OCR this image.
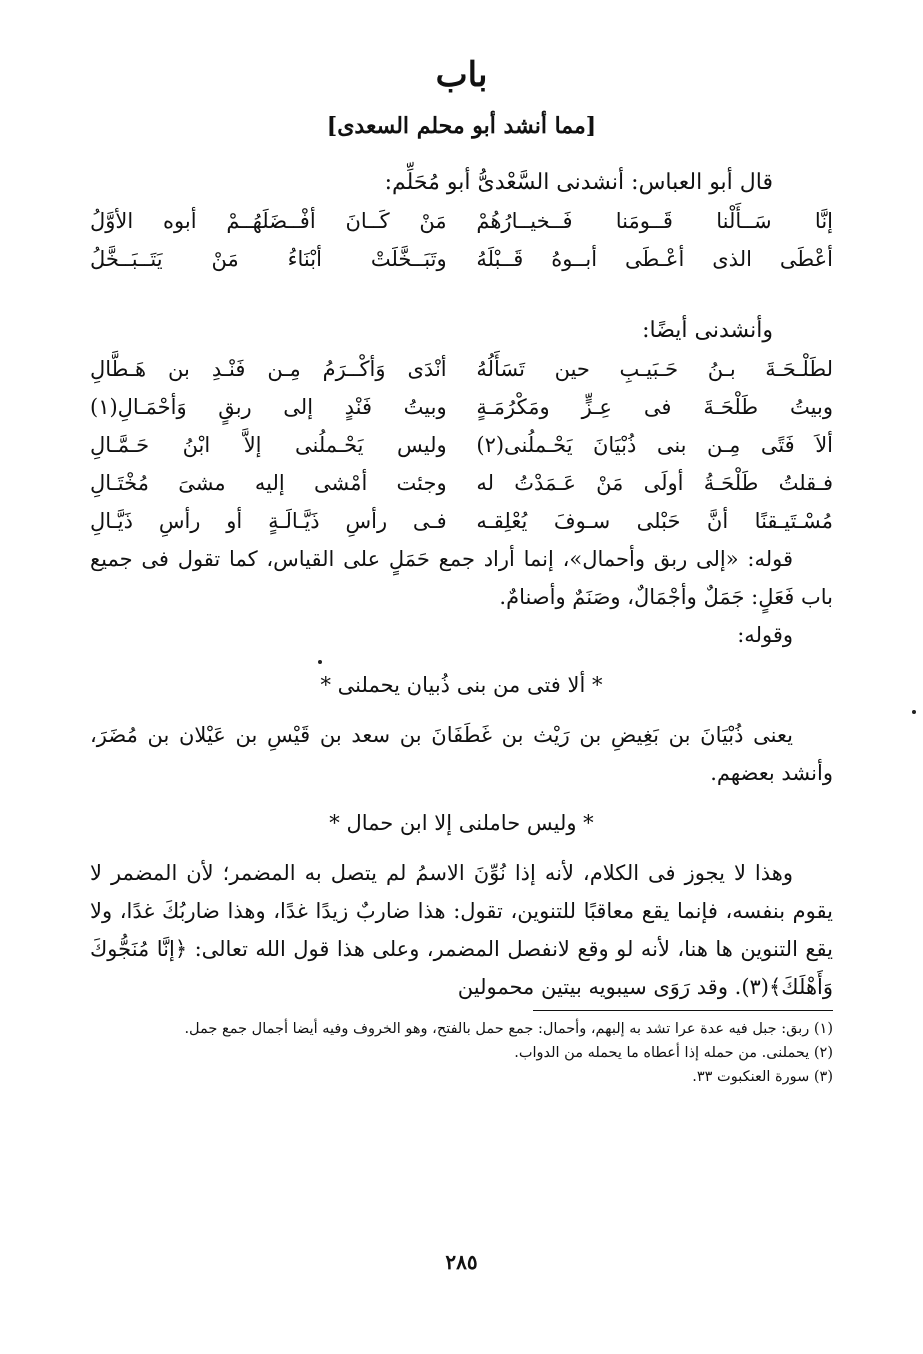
باب
[مما أنشد أبو محلم السعدى]
قال أبو العباس: أنشدنى السَّعْدىُّ أبو مُحَلِّم:
إنَّا سَــأَلْنا قَــومَنا فَــخيــارُهُمْ
مَنْ كَــانَ أفْــضَلَهُــمْ أبوه الأوَّلُ
أعْطَى الذى أعْـطَى أبــوهُ قَــبْلَهُ
وتَبَــخَّلَتْ أبْنَاءُ مَنْ يَتَــبَــخَّلُ
وأنشدنى أيضًا:
لطَلْـحَـةَ بـنُ حَـبَيـبِ حين تَسَأَلُهُ
أنْدَى وَأكْــرَمُ مِـن فَنْـدِ بن هَـطَّالِ
وبيتُ طَلْحَـةَ فى عِـزٍّ ومَكْرُمَـةٍ
وبيتُ فَنْدٍ إلى ربقٍ وَأحْمَـالِ(١)
ألاَ فَتًى مِـن بنى ذُبْيَانَ يَحْـملُنى(٢)
وليس يَحْـملُنى إلاَّ ابْنُ حَـمَّـالِ
فـقلتُ طَلْحَـةُ أولَى مَنْ عَـمَدْتُ له
وجئت أمْشى إليه مشىَ مُخْتَـالِ
مُسْـتَيـقنًا أنَّ حَبْلى سـوفَ يُعْلِقـه
فـى رأسِ ذَيَّـالَـةٍ أو رأسِ ذَيَّـالِ

قوله: «إلى ربق وأحمال»، إنما أراد جمع حَمَلٍ على القياس، كما تقول فى جميع باب فَعَلٍ: جَمَلٌ وأجْمَالٌ، وصَنَمٌ وأصنامٌ.

وقوله:

* ألا فتى من بنى ذُبيان يحملنى *

يعنى ذُبْيَانَ بن بَغِيضِ بن رَيْث بن غَطَفَانَ بن سعد بن قَيْسِ بن عَيْلان بن مُضَرَ، وأنشد بعضهم.

* وليس حاملنى إلا ابن حمال *

وهذا لا يجوز فى الكلام، لأنه إذا نُوِّنَ الاسمُ لم يتصل به المضمر؛ لأن المضمر لا يقوم بنفسه، فإنما يقع معاقبًا للتنوين، تقول: هذا ضاربٌ زيدًا غدًا، وهذا ضاربُكَ غدًا، ولا يقع التنوين ها هنا، لأنه لو وقع لانفصل المضمر، وعلى هذا قول الله تعالى: ﴿إنَّا مُنَجُّوكَ وَأَهْلَكَ﴾(٣). وقد رَوَى سيبويه بيتين محمولين

(١) ربق: جبل فيه عدة عرا تشد به إلبهم، وأحمال: جمع حمل بالفتح، وهو الخروف وفيه أيضا أجمال جمع جمل.

(٢) يحملنى. من حمله إذا أعطاه ما يحمله من الدواب.

(٣) سورة العنكبوت ٣٣.

٢٨٥
